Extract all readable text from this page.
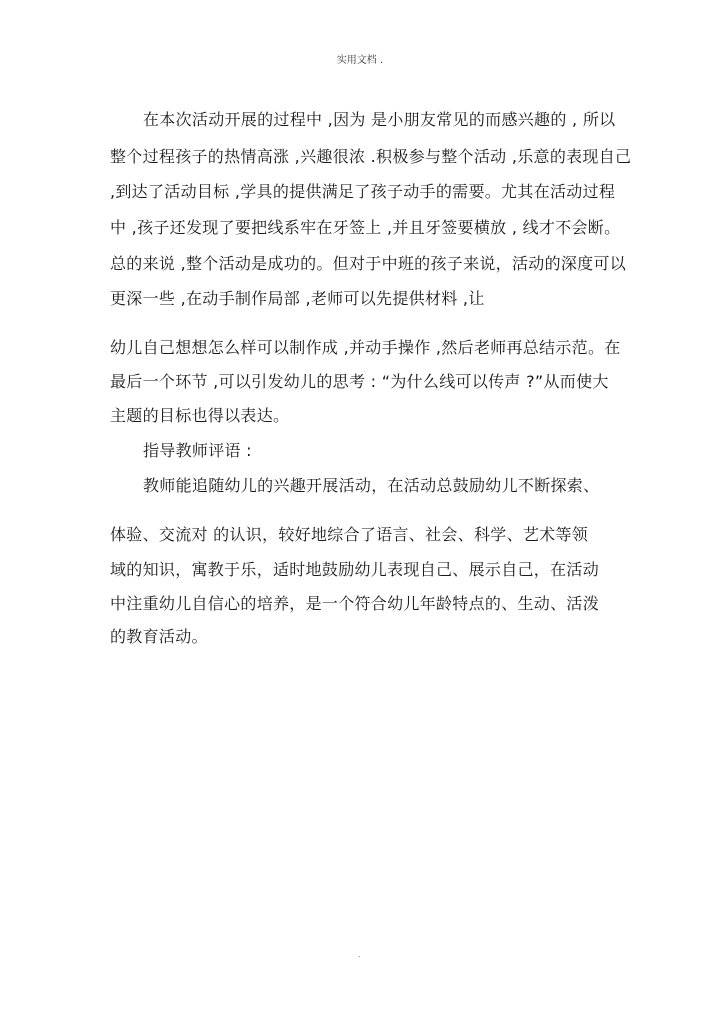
实用文档 .
在本次活动开展的过程中 ,因为 是小朋友常见的而感兴趣的 , 所以
整个过程孩子的热情高涨 ,兴趣很浓 .积极参与整个活动 ,乐意的表现自己
,到达了活动目标 ,学具的提供满足了孩子动手的需要。尤其在活动过程
中 ,孩子还发现了要把线系牢在牙签上 ,并且牙签要横放 , 线才不会断。
总的来说 ,整个活动是成功的。但对于中班的孩子来说，活动的深度可以
更深一些 ,在动手制作局部 ,老师可以先提供材料 ,让
幼儿自己想想怎么样可以制作成 ,并动手操作 ,然后老师再总结示范。在
最后一个环节 ,可以引发幼儿的思考 : “为什么线可以传声 ?”从而使大
主题的目标也得以表达。
指导教师评语 :
教师能追随幼儿的兴趣开展活动，在活动总鼓励幼儿不断探索、
体验、交流对 的认识，较好地综合了语言、社会、科学、艺术等领
域的知识，寓教于乐，适时地鼓励幼儿表现自己、展示自己，在活动
中注重幼儿自信心的培养，是一个符合幼儿年龄特点的、生动、活泼
的教育活动。
.
